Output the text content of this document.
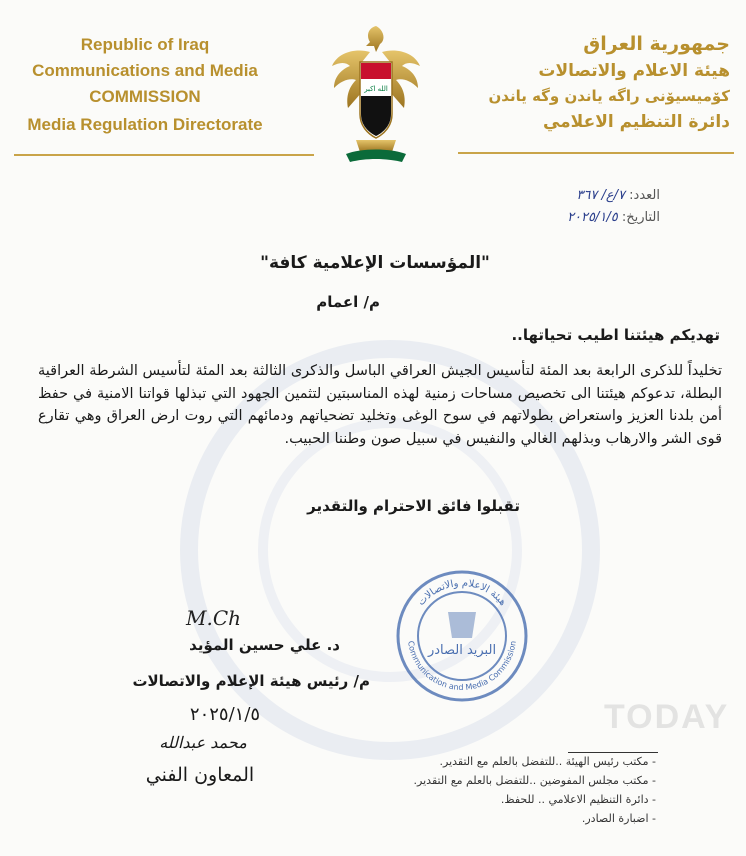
Republic of Iraq
Communications and Media
COMMISSION
Media Regulation Directorate
الله اكبر
جمهورية العراق
هيئة الاعلام والاتصالات
كۆمیسیۆنی راگه یاندن وگه یاندن
دائرة التنظيم الاعلامي
العدد: ٧/ع/ ٣٦٧
التاريخ: ٢٠٢٥/١/٥
"المؤسسات الإعلامية كافة"
م/ اعمام
تهديكم هيئتنا اطيب تحياتها..
تخليداً للذكرى الرابعة بعد المئة لتأسيس الجيش العراقي الباسل والذكرى الثالثة بعد المئة لتأسيس الشرطة العراقية البطلة، تدعوكم هيئتنا الى تخصيص مساحات زمنية لهذه المناسبتين لتثمين الجهود التي تبذلها قواتنا الامنية في حفظ أمن بلدنا العزيز واستعراض بطولاتهم في سوح الوغى وتخليد تضحياتهم ودمائهم التي روت ارض العراق وهي تقارع قوى الشر والارهاب وبذلهم الغالي والنفيس في سبيل صون وطننا الحبيب.
تقبلوا فائق الاحترام والتقدير
M.Ch
د. علي حسين المؤيد
م/ رئيس هيئة الإعلام والاتصالات
٢٠٢٥/١/٥
محمد عبدالله
المعاون الفني
هيئة الاعلام والاتصالات
Communication and Media Commission
البريد الصادر
TODAY
- مكتب رئيس الهيئة ..للتفضل بالعلم مع التقدير.
- مكتب مجلس المفوضين ..للتفضل بالعلم مع التقدير.
- دائرة التنظيم الاعلامي .. للحفظ.
- اضبارة الصادر.
